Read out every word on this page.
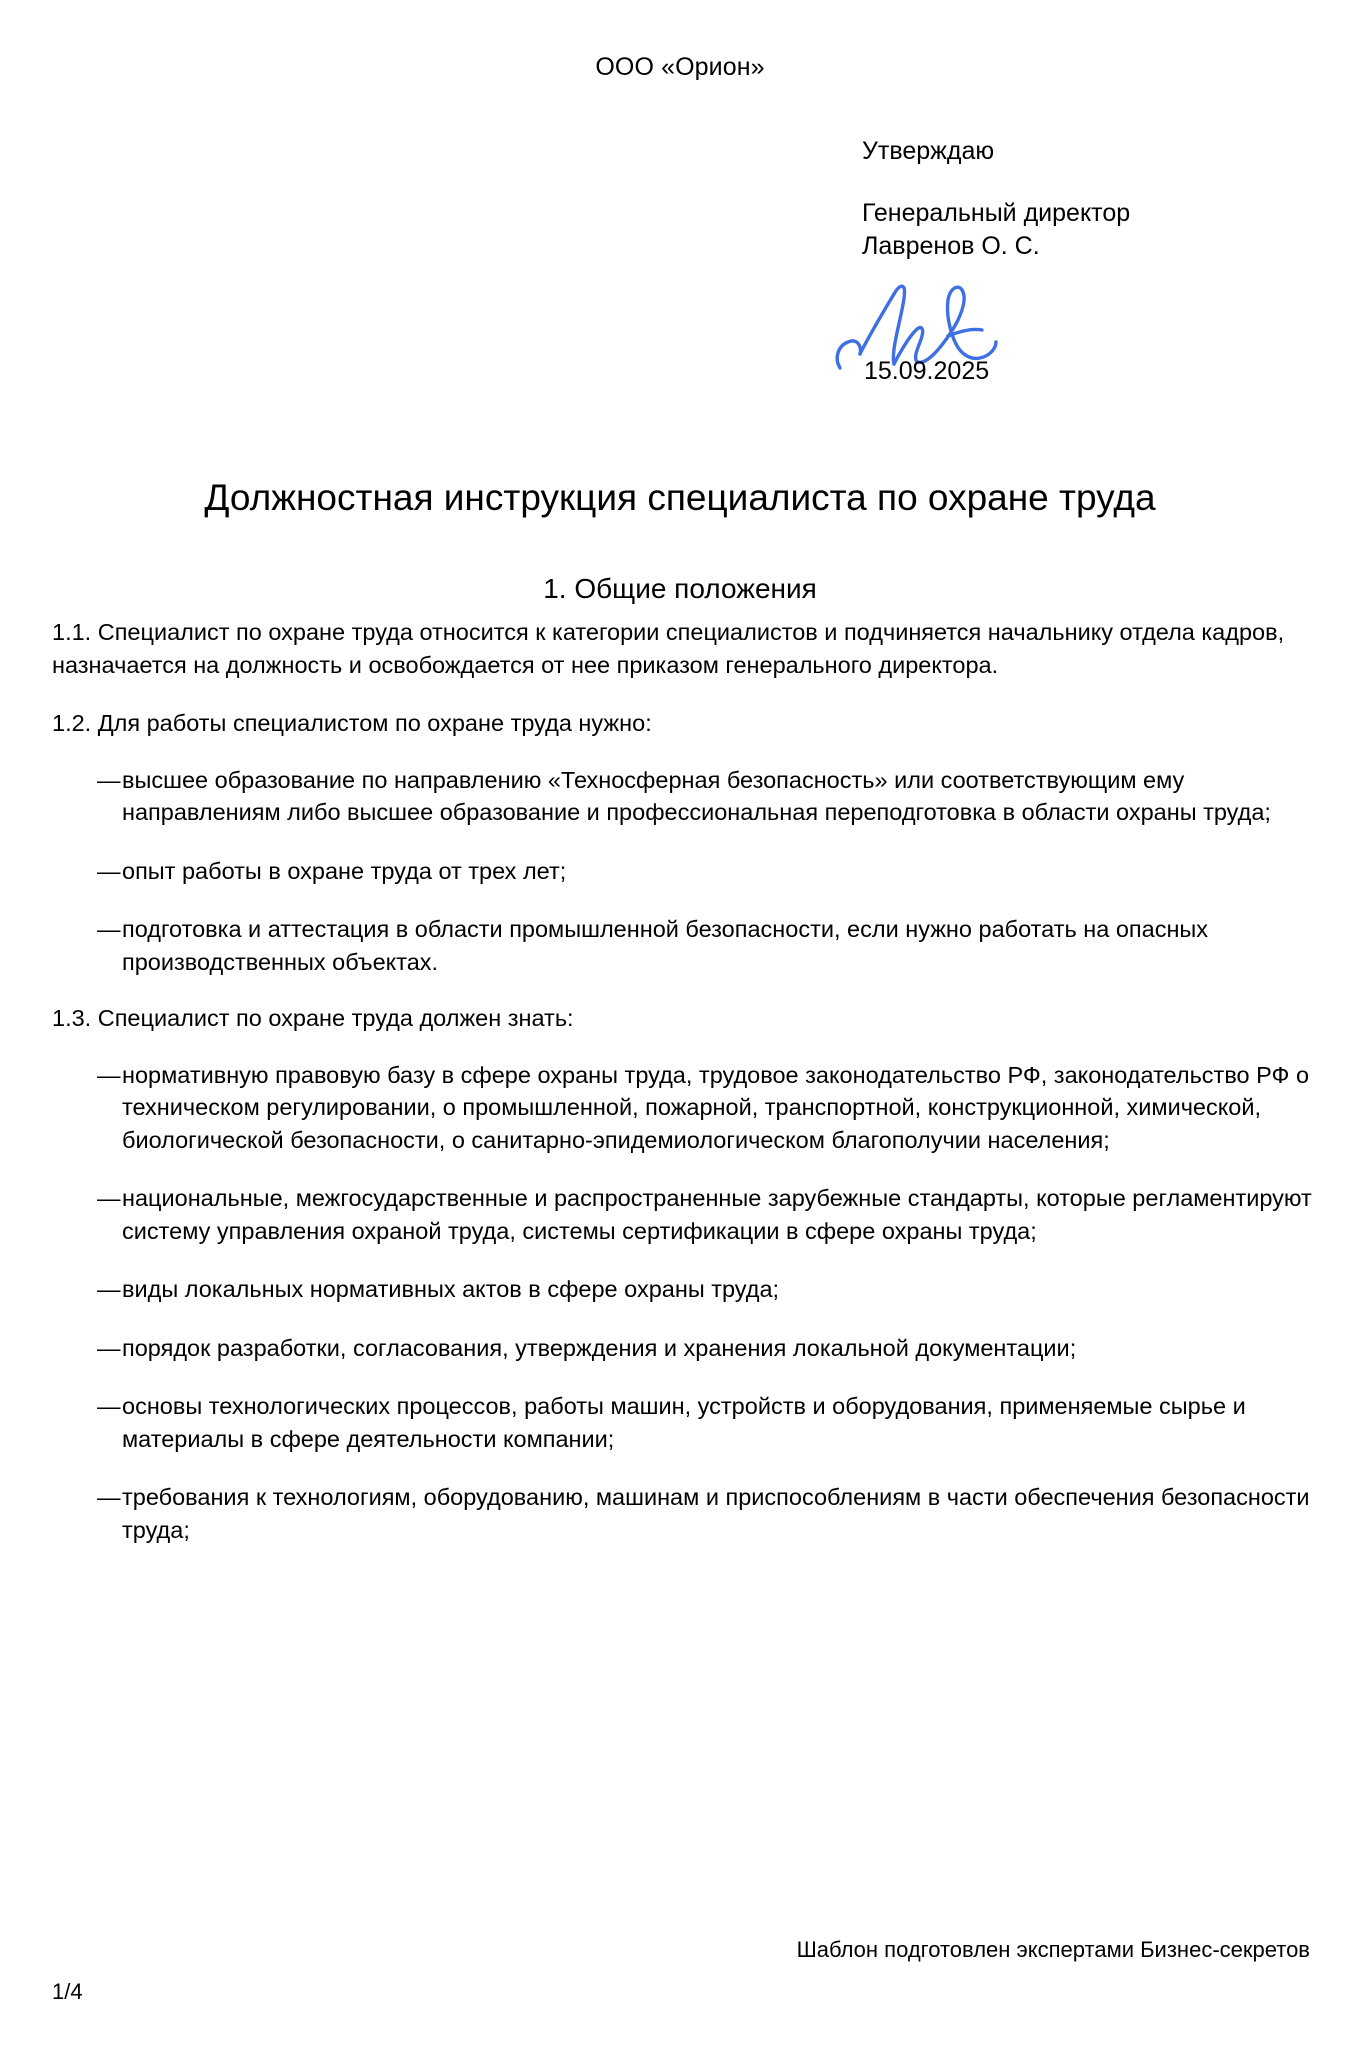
ООО «Орион»
Утверждаю
Генеральный директор
Лавренов О. С.
15.09.2025
Должностная инструкция специалиста по охране труда
1. Общие положения

1.1. Специалист по охране труда относится к категории специалистов и подчиняется начальнику отдела кадров, назначается на должность и освобождается от нее приказом генерального директора.

1.2. Для работы специалистом по охране труда нужно:

— высшее образование по направлению «Техносферная безопасность» или соответствующим ему направлениям либо высшее образование и профессиональная переподготовка в области охраны труда;
— опыт работы в охране труда от трех лет;
— подготовка и аттестация в области промышленной безопасности, если нужно работать на опасных производственных объектах.

1.3. Специалист по охране труда должен знать:

— нормативную правовую базу в сфере охраны труда, трудовое законодательство РФ, законодательство РФ о техническом регулировании, о промышленной, пожарной, транспортной, конструкционной, химической, биологической безопасности, о санитарно-эпидемиологическом благополучии населения;
— национальные, межгосударственные и распространенные зарубежные стандарты, которые регламентируют систему управления охраной труда, системы сертификации в сфере охраны труда;
— виды локальных нормативных актов в сфере охраны труда;
— порядок разработки, согласования, утверждения и хранения локальной документации;
— основы технологических процессов, работы машин, устройств и оборудования, применяемые сырье и материалы в сфере деятельности компании;
— требования к технологиям, оборудованию, машинам и приспособлениям в части обеспечения безопасности труда;
Шаблон подготовлен экспертами Бизнес-секретов
1/4
